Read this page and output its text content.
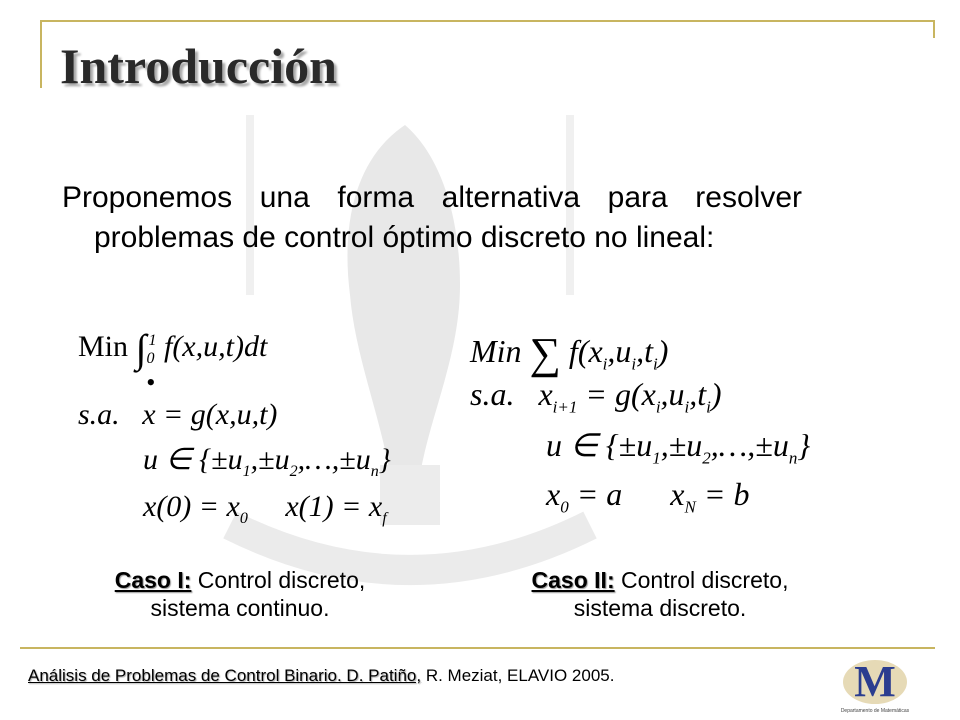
Introducción

Proponemos una forma alternativa para resolver problemas de control óptimo discreto no lineal:

Min $\int_0^1$ f(x,u,t)dt
•
s.a.   x = g(x,u,t)
u ∈ $\{\pm u_1,\pm u_2,\dots,\pm u_n\}$
$x(0) = x_0$     $x(1) = x_f$
Min ∑ $f(x_i,u_i,t_i)$
s.a.   $x_{i+1} = g(x_i,u_i,t_i)$
u ∈ $\{\pm u_1,\pm u_2,\dots,\pm u_n\}$
$x_0 = a$      $x_N = b$
Caso I: Control discreto, sistema continuo.
Caso II: Control discreto, sistema discreto.
Análisis de Problemas de Control Binario. D. Patiño, R. Meziat, ELAVIO 2005.	M
Departamento de Matemáticas
